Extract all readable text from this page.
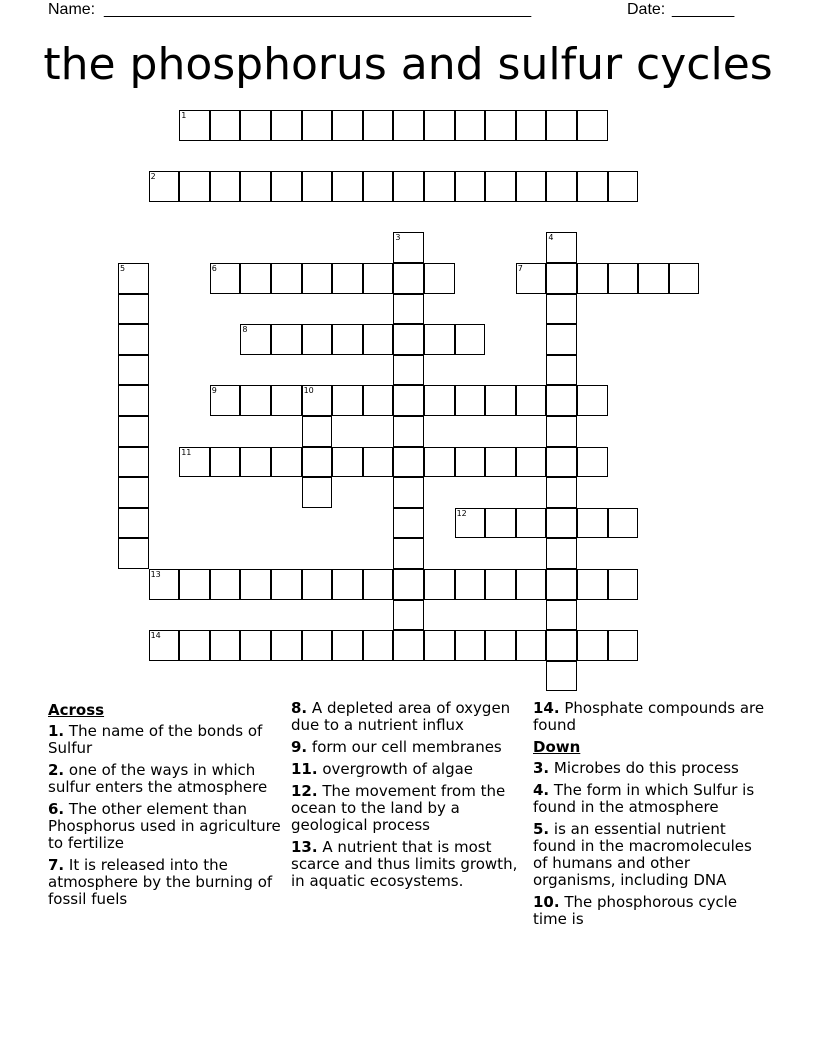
Name: ________________________________________________	Date: _______
the phosphorus and sulfur cycles
1
2
3	4
5	6	7
8
9	10
11
12
13
14
Across
1. The name of the bonds of Sulfur
2. one of the ways in which sulfur enters the atmosphere
6. The other element than Phosphorus used in agriculture to fertilize
7. It is released into the atmosphere by the burning of fossil fuels
8. A depleted area of oxygen due to a nutrient influx
9. form our cell membranes
11. overgrowth of algae
12. The movement from the ocean to the land by a geological process
13. A nutrient that is most scarce and thus limits growth, in aquatic ecosystems.
14. Phosphate compounds are found
Down
3. Microbes do this process
4. The form in which Sulfur is found in the atmosphere
5. is an essential nutrient found in the macromolecules of humans and other organisms, including DNA
10. The phosphorous cycle time is
